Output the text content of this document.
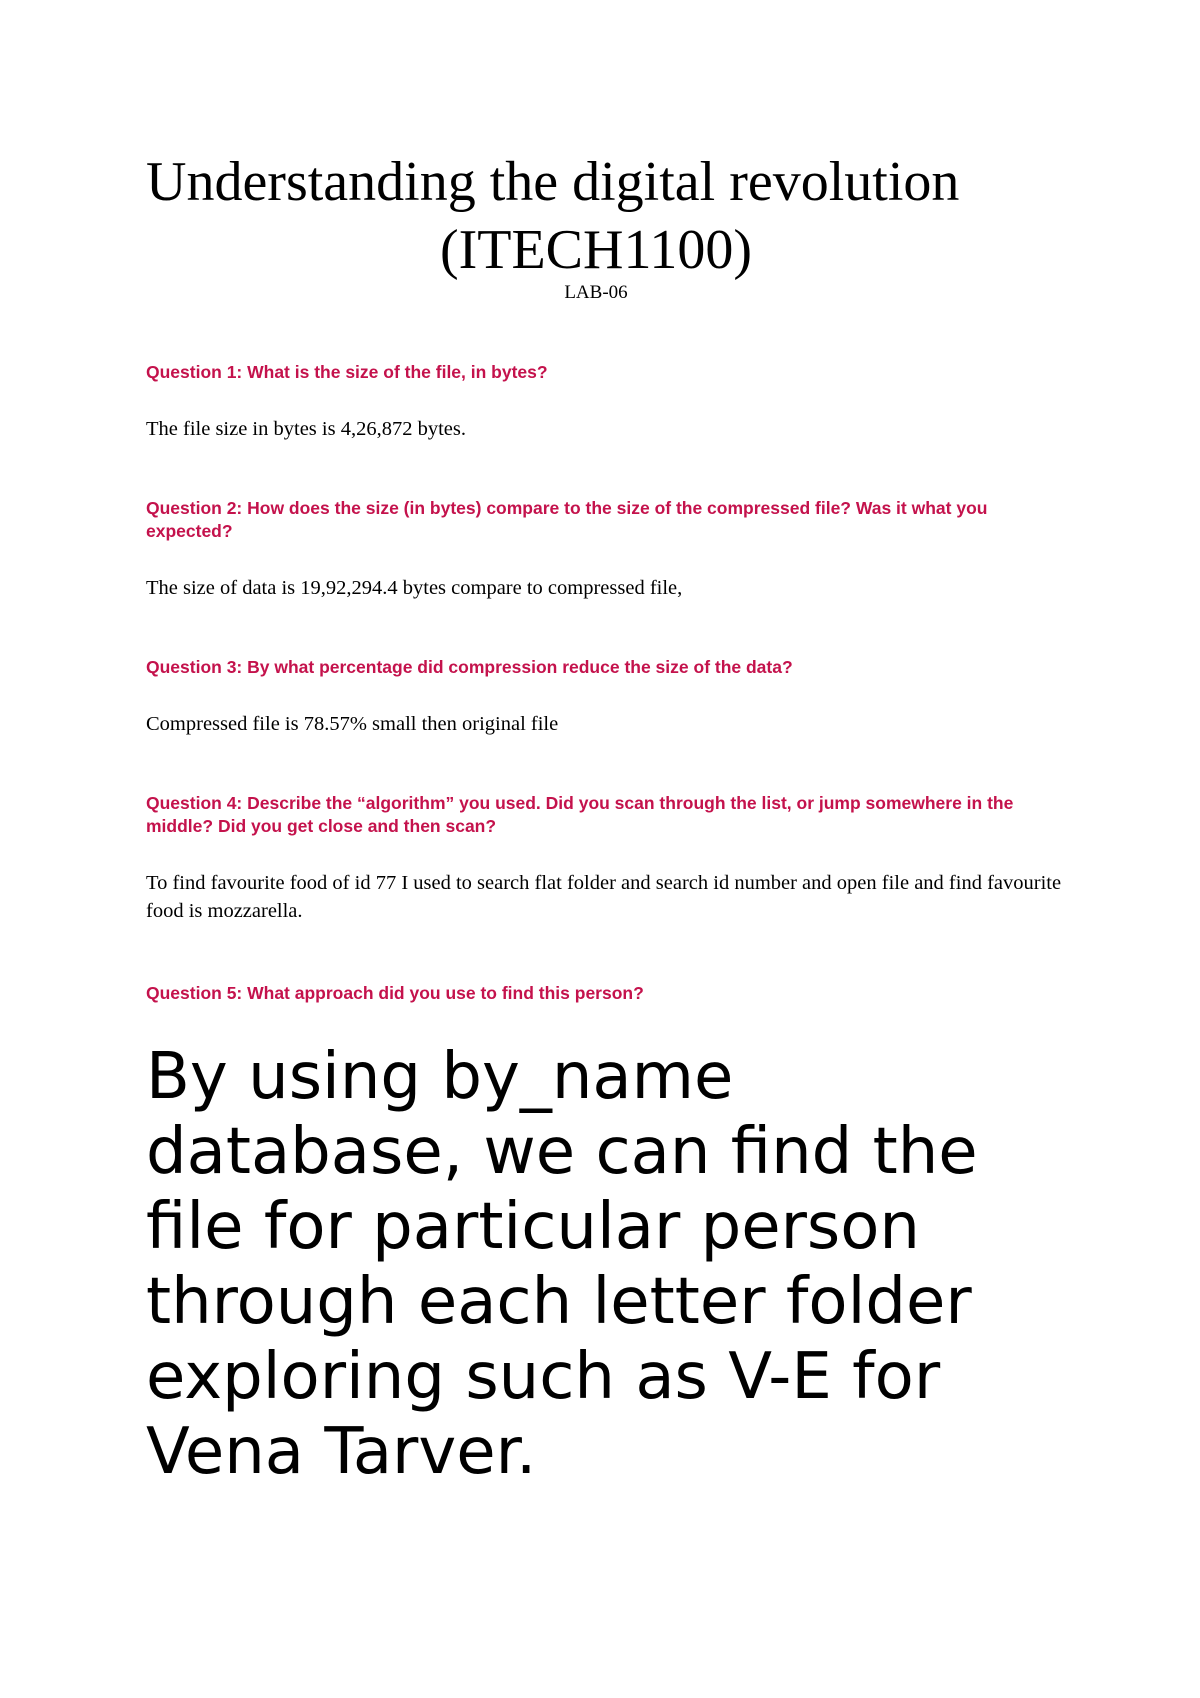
Understanding the digital revolution
(ITECH1100)
LAB-06

Question 1: What is the size of the file, in bytes?

The file size in bytes is 4,26,872 bytes.

Question 2: How does the size (in bytes) compare to the size of the compressed file? Was it what you expected?

The size of data is 19,92,294.4 bytes compare to compressed file,

Question 3: By what percentage did compression reduce the size of the data?

Compressed file is 78.57% small then original file

Question 4: Describe the “algorithm” you used. Did you scan through the list, or jump somewhere in the middle? Did you get close and then scan?

To find favourite food of id 77 I used to search flat folder and search id number and open file and find favourite food is mozzarella.

Question 5: What approach did you use to find this person?

By using by_name database, we can find the file for particular person through each letter folder exploring such as V-E for Vena Tarver.
